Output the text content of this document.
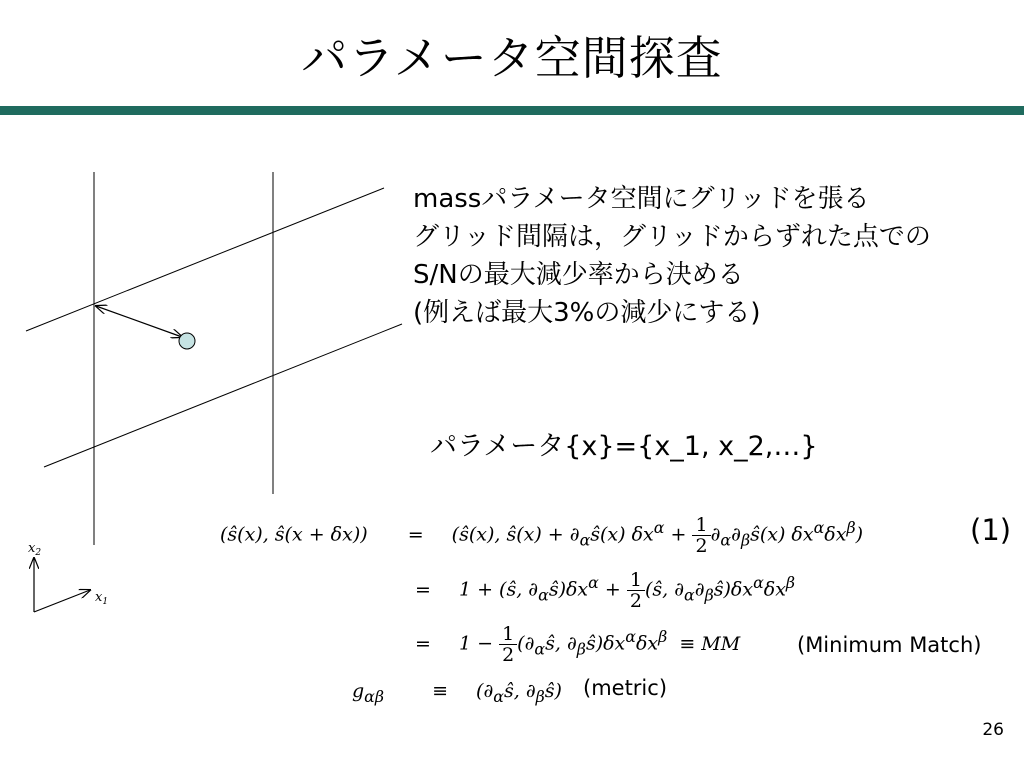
パラメータ空間探査
$x_2$
$x_1$
massパラメータ空間にグリッドを張る
グリッド間隔は，グリッドからずれた点での
S/Nの最大減少率から決める
(例えば最大3%の減少にする)
パラメータ{x}={x_1, x_2,…}
(ŝ(x), ŝ(x + δx)) = (ŝ(x), ŝ(x) + $\partial_\alpha ŝ(x) \delta x^\alpha + \frac{1}{2}$ $\partial_\alpha\partial_\beta ŝ(x)$ $\delta x^\alpha\delta x^\beta$)	(1)
= 1 + (ŝ, $\partial_\alpha ŝ)\delta x^\alpha + \frac{1}{2}$ (ŝ, $\partial_\alpha\partial_\beta ŝ)\delta x^\alpha\delta x^\beta$
= $1 - \frac{1}{2}$ ($\partial_\alpha ŝ$, $\partial_\beta ŝ)\delta x^\alpha\delta x^\beta$ ≡ MM	(Minimum Match)
$g_{\alpha\beta}$	≡ ($\partial_\alpha ŝ$, $\partial_\beta ŝ$) (metric)
26
